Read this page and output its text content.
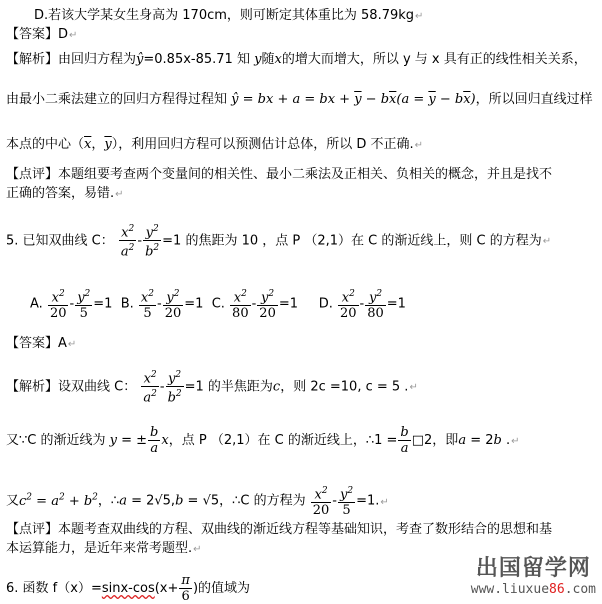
D.若该大学某女生身高为 170cm，则可断定其体重比为 58.79kg↵
【答案】D↵
【解析】由回归方程为ŷ=0.85x-85.71 知 y随x的增大而增大，所以 y 与 x 具有正的线性相关关系，
由最小二乘法建立的回归方程得过程知 ŷ = bx + a = bx + $\overline{y} - b\overline{x}(a = \overline{y} - b\overline{x})$，所以回归直线过样
本点的中心（$\overline{x}$，$\overline{y}$），利用回归方程可以预测估计总体，所以 D 不正确.↵
【点评】本题组要考查两个变量间的相关性、最小二乘法及正相关、负相关的概念，并且是找不
正确的答案，易错.↵
5. 已知双曲线 C： $\frac{x^2}{a^2} - \frac{y^2}{b^2} =1$ 的焦距为 10 ，点 P （2,1）在 C 的渐近线上，则 C 的方程为↵
A. $\frac{x^2}{20} - \frac{y^2}{5} =1$ B. $\frac{x^2}{5} - \frac{y^2}{20} =1$ C. $\frac{x^2}{80} - \frac{y^2}{20} =1$ D. $\frac{x^2}{20} - \frac{y^2}{80} =1$
【答案】A↵
【解析】设双曲线 C： $\frac{x^2}{a^2} - \frac{y^2}{b^2} =1$ 的半焦距为c，则 2c =10, c = 5 .↵
又∵C 的渐近线为 y = ± $\frac{b}{a}$ x，点 P （2,1）在 C 的渐近线上，∴1 = $\frac{b}{a}$ □2，即a = 2b .↵
又$c^2 = a^2 + b^2$，∴a = 2√5,b = √5，∴C 的方程为 $\frac{x^2}{20} - \frac{y^2}{5}$ =1.↵
【点评】本题考查双曲线的方程、双曲线的渐近线方程等基础知识，考查了数形结合的思想和基
本运算能力，是近年来常考题型.↵
6. 函数 $f(x)=\sin x-\cos(x+ \frac{\pi}{6}$ )的值域为
出国留学网
www.liuxue86.com
